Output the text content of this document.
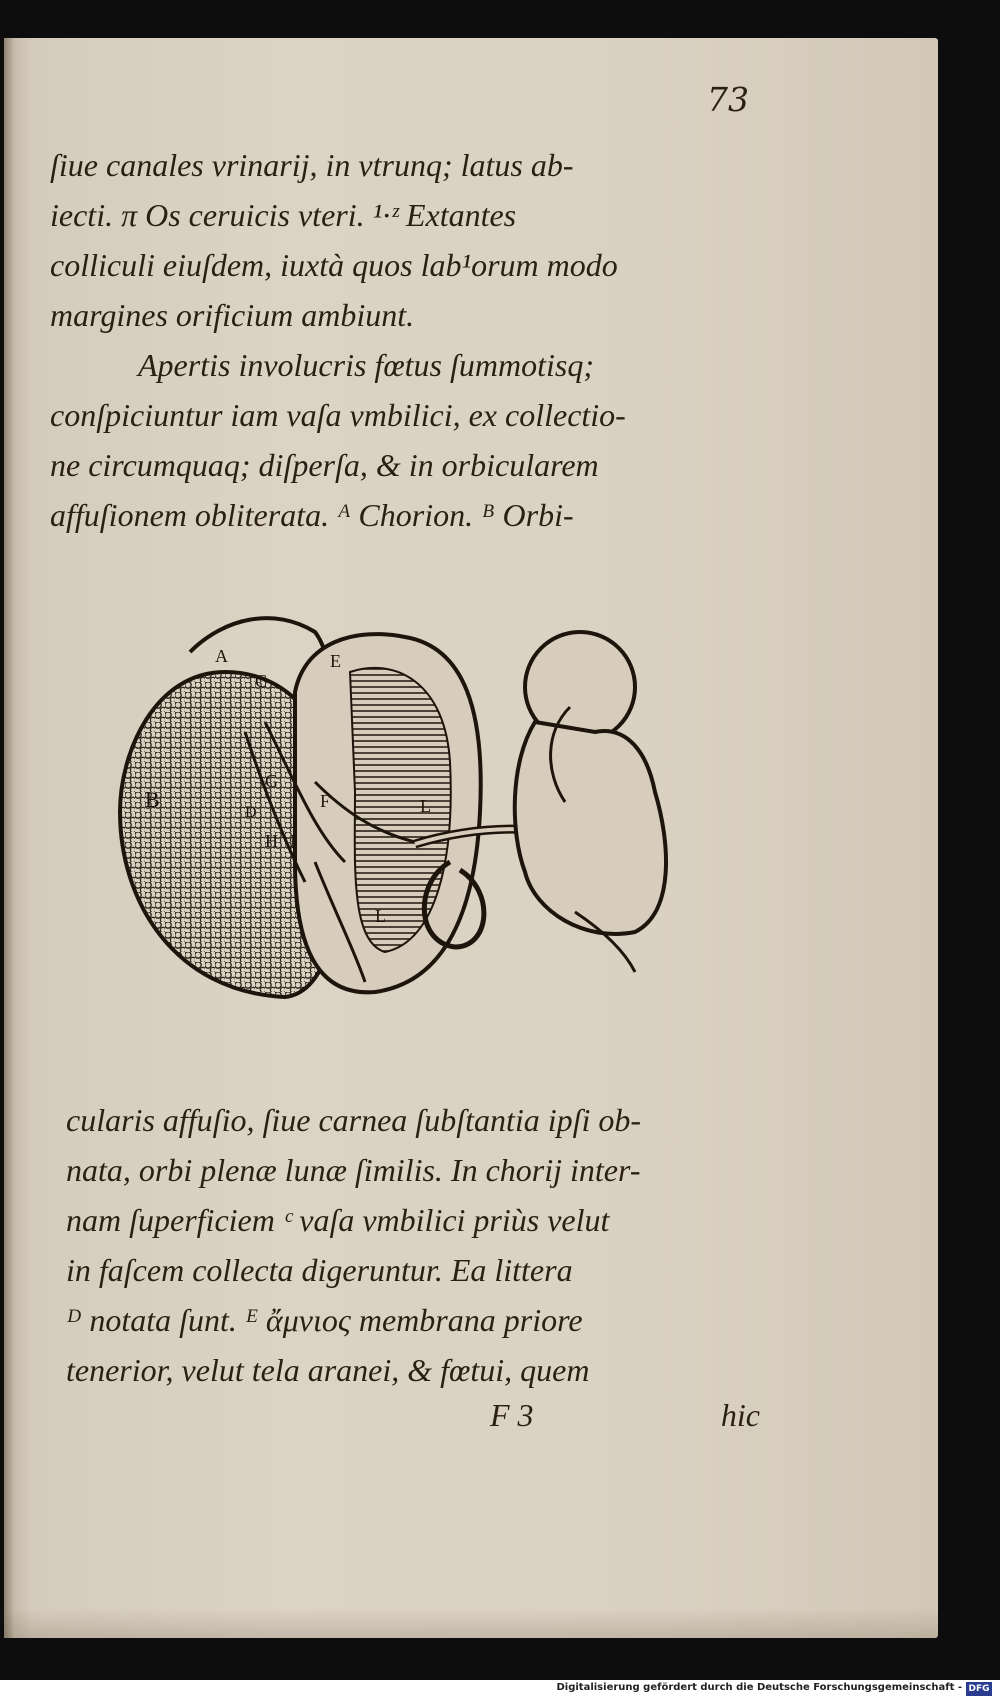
73
ſiue canales vrinarij, in vtrunq; latus ab-
iecti. π Os ceruicis vteri. ¹·ᶻ Extantes
colliculi eiuſdem, iuxtà quos lab¹orum modo
margines orificium ambiunt.
Apertis involucris fœtus ſummotisq;
conſpiciuntur iam vaſa vmbilici, ex collectio-
ne circumquaq; diſperſa, & in orbicularem
affuſionem obliterata. ᴬ Chorion. ᴮ Orbi-
A
C
E
B
G
D
H I
F	L
L
cularis affuſio, ſiue carnea ſubſtantia ipſi ob-
nata, orbi plenæ lunæ ſimilis. In chorij inter-
nam ſuperficiem ᶜ vaſa vmbilici priùs velut
in faſcem collecta digeruntur. Ea littera
ᴰ notata ſunt. ᴱ ἄμνιος membrana priore
tenerior, velut tela aranei, & fœtui, quem
F 3	hic
Digitalisierung gefördert durch die Deutsche Forschungsgemeinschaft - DFG
